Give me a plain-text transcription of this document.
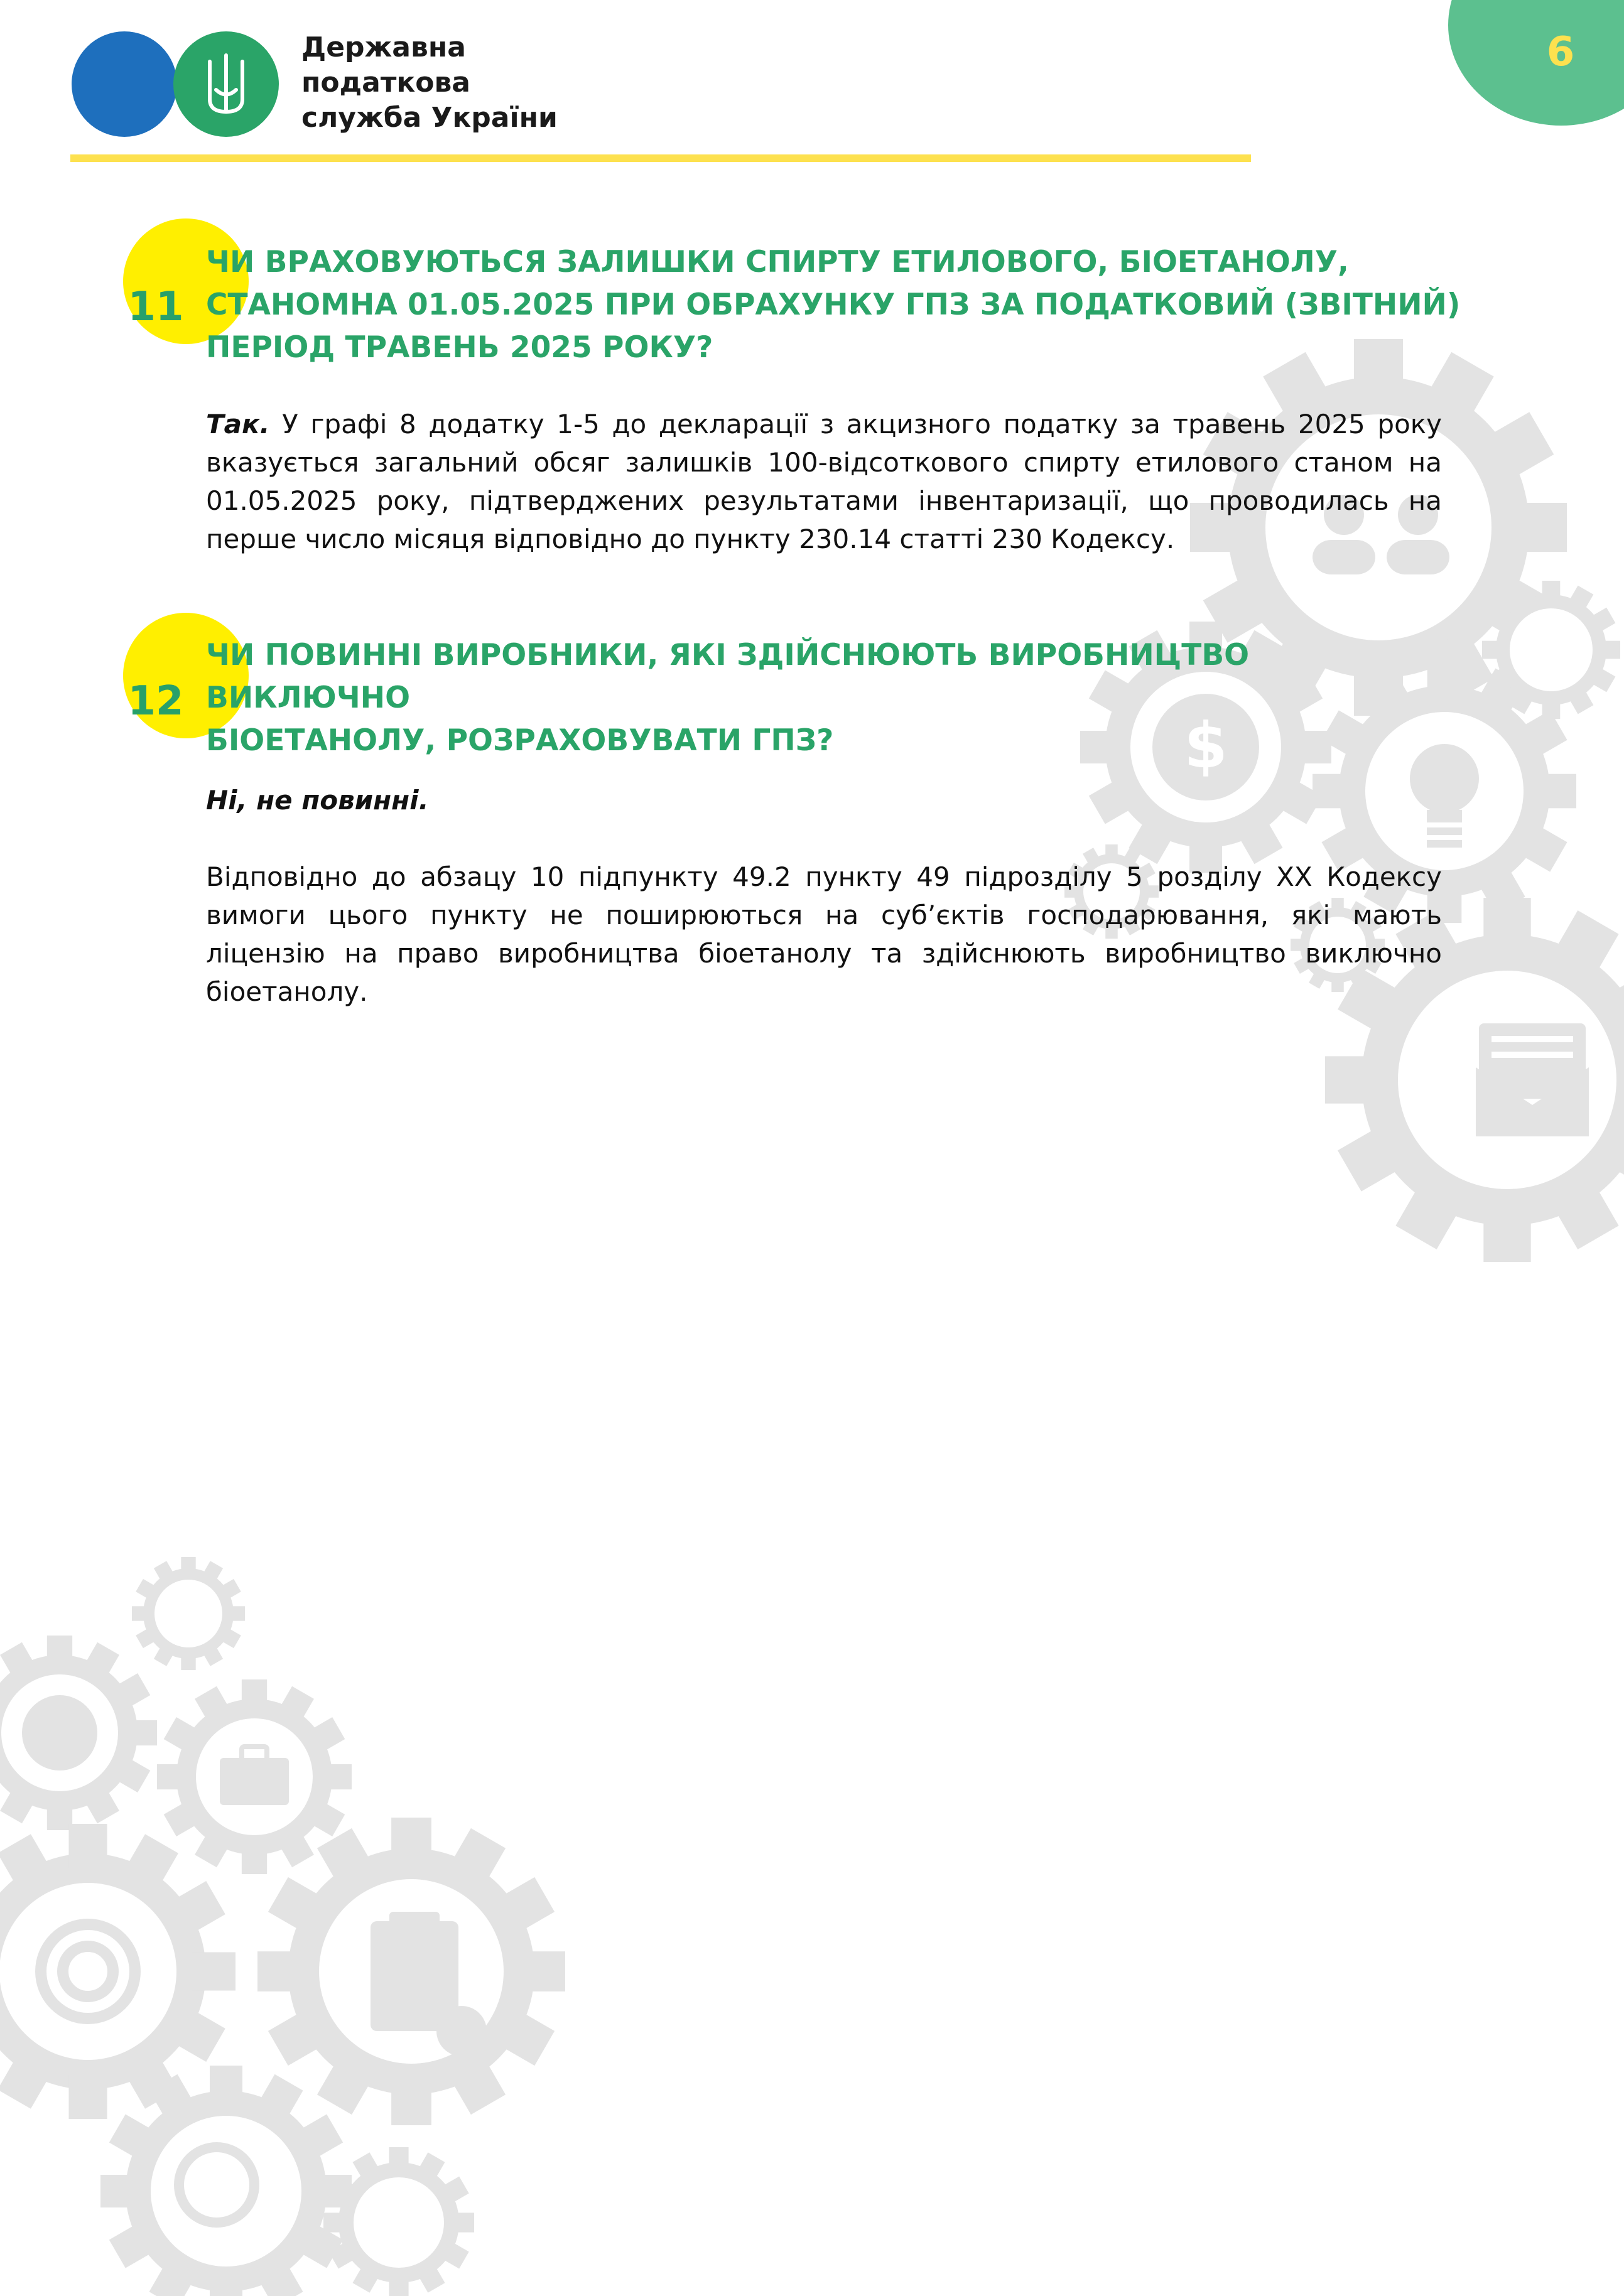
$
Державна
податкова
служба України
6
11
ЧИ ВРАХОВУЮТЬСЯ ЗАЛИШКИ СПИРТУ ЕТИЛОВОГО, БІОЕТАНОЛУ,
СТАНОМНА 01.05.2025 ПРИ ОБРАХУНКУ ГПЗ ЗА ПОДАТКОВИЙ (ЗВІТНИЙ)
ПЕРІОД ТРАВЕНЬ 2025 РОКУ?
Так. У графі 8 додатку 1-5 до декларації з акцизного податку за травень 2025 року вказується загальний обсяг залишків 100-відсоткового спирту етилового станом на 01.05.2025 року, підтверджених результатами інвентаризації, що проводилась на перше число місяця відповідно до пункту 230.14 статті 230 Кодексу.
12
ЧИ ПОВИННІ ВИРОБНИКИ, ЯКІ ЗДІЙСНЮЮТЬ ВИРОБНИЦТВО ВИКЛЮЧНО
БІОЕТАНОЛУ, РОЗРАХОВУВАТИ ГПЗ?
Ні, не повинні.
Відповідно до абзацу 10 підпункту 49.2 пункту 49 підрозділу 5 розділу XX Кодексу вимоги цього пункту не поширюються на суб’єктів господарювання, які мають ліцензію на право виробництва біоетанолу та здійснюють виробництво виключно біоетанолу.
